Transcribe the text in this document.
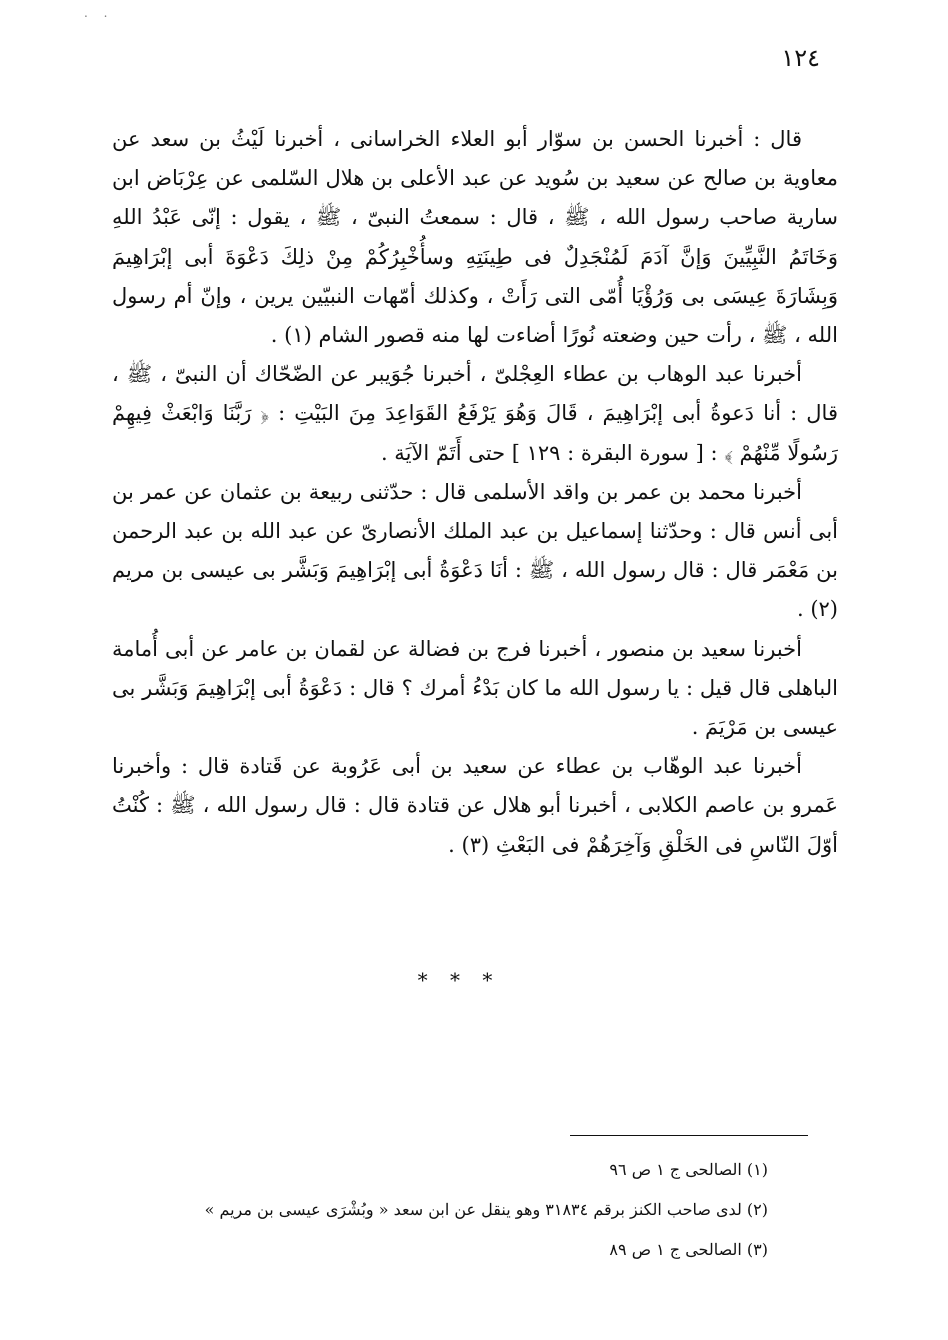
. .
١٢٤

قال : أخبرنا الحسن بن سوّار أبو العلاء الخراسانى ، أخبرنا لَيْثُ بن سعد عن معاوية بن صالح عن سعيد بن سُويد عن عبد الأعلى بن هلال السّلمى عن عِرْبَاض ابن سارية صاحب رسول الله ، ﷺ ، قال : سمعتُ النبىّ ، ﷺ ، يقول : إنّى عَبْدُ اللهِ وَخَاتَمُ النَّبِيِّينَ وَإنَّ آدَمَ لَمُنْجَدِلٌ فى طِينَتِهِ وسأُخْبِرُكُمْ مِنْ ذلِكَ دَعْوَةَ أبى إبْرَاهِيمَ وَبِشَارَةَ عِيسَى بى وَرُؤْيَا أُمّى التى رَأَتْ ، وكذلك أمّهات النبيّين يرين ، وإنّ أم رسول الله ، ﷺ ، رأت حين وضعته نُورًا أضاءت لها منه قصور الشام (١) .

أخبرنا عبد الوهاب بن عطاء العِجْلىّ ، أخبرنا جُوَيبر عن الضّحّاك أن النبىّ ، ﷺ ، قال : أنا دَعوةُ أبى إبْرَاهِيمَ ، قَالَ وَهُوَ يَرْفَعُ القَوَاعِدَ مِنَ البَيْتِ : ﴿ رَبَّنَا وَابْعَثْ فِيهِمْ رَسُولًا مِّنْهُمْ ﴾ : [ سورة البقرة : ١٢٩ ] حتى أَتَمّ الآيَة .

أخبرنا محمد بن عمر بن واقد الأسلمى قال : حدّثنى ربيعة بن عثمان عن عمر بن أبى أنس قال : وحدّثنا إسماعيل بن عبد الملك الأنصارىّ عن عبد الله بن عبد الرحمن بن مَعْمَر قال : قال رسول الله ، ﷺ : أنَا دَعْوَةُ أبى إبْرَاهِيمَ وَبَشَّر بى عيسى بن مريم (٢) .

أخبرنا سعيد بن منصور ، أخبرنا فرج بن فضالة عن لقمان بن عامر عن أبى أُمامة الباهلى قال قيل : يا رسول الله ما كان بَدْءُ أمرك ؟ قال : دَعْوَةُ أبى إبْرَاهِيمَ وَبَشَّر بى عيسى بن مَرْيَمَ .

أخبرنا عبد الوهّاب بن عطاء عن سعيد بن أبى عَرُوبة عن قَتادة قال : وأخبرنا عَمرو بن عاصم الكلابى ، أخبرنا أبو هلال عن قتادة قال : قال رسول الله ، ﷺ : كُنْتُ أوّلَ النّاسِ فى الخَلْقِ وَآخِرَهُمْ فى البَعْثِ (٣) .

* * *

(١) الصالحى ج ١ ص ٩٦

(٢) لدى صاحب الكنز برقم ٣١٨٣٤ وهو ينقل عن ابن سعد « وبُشْرَى عيسى بن مريم »

(٣) الصالحى ج ١ ص ٨٩
